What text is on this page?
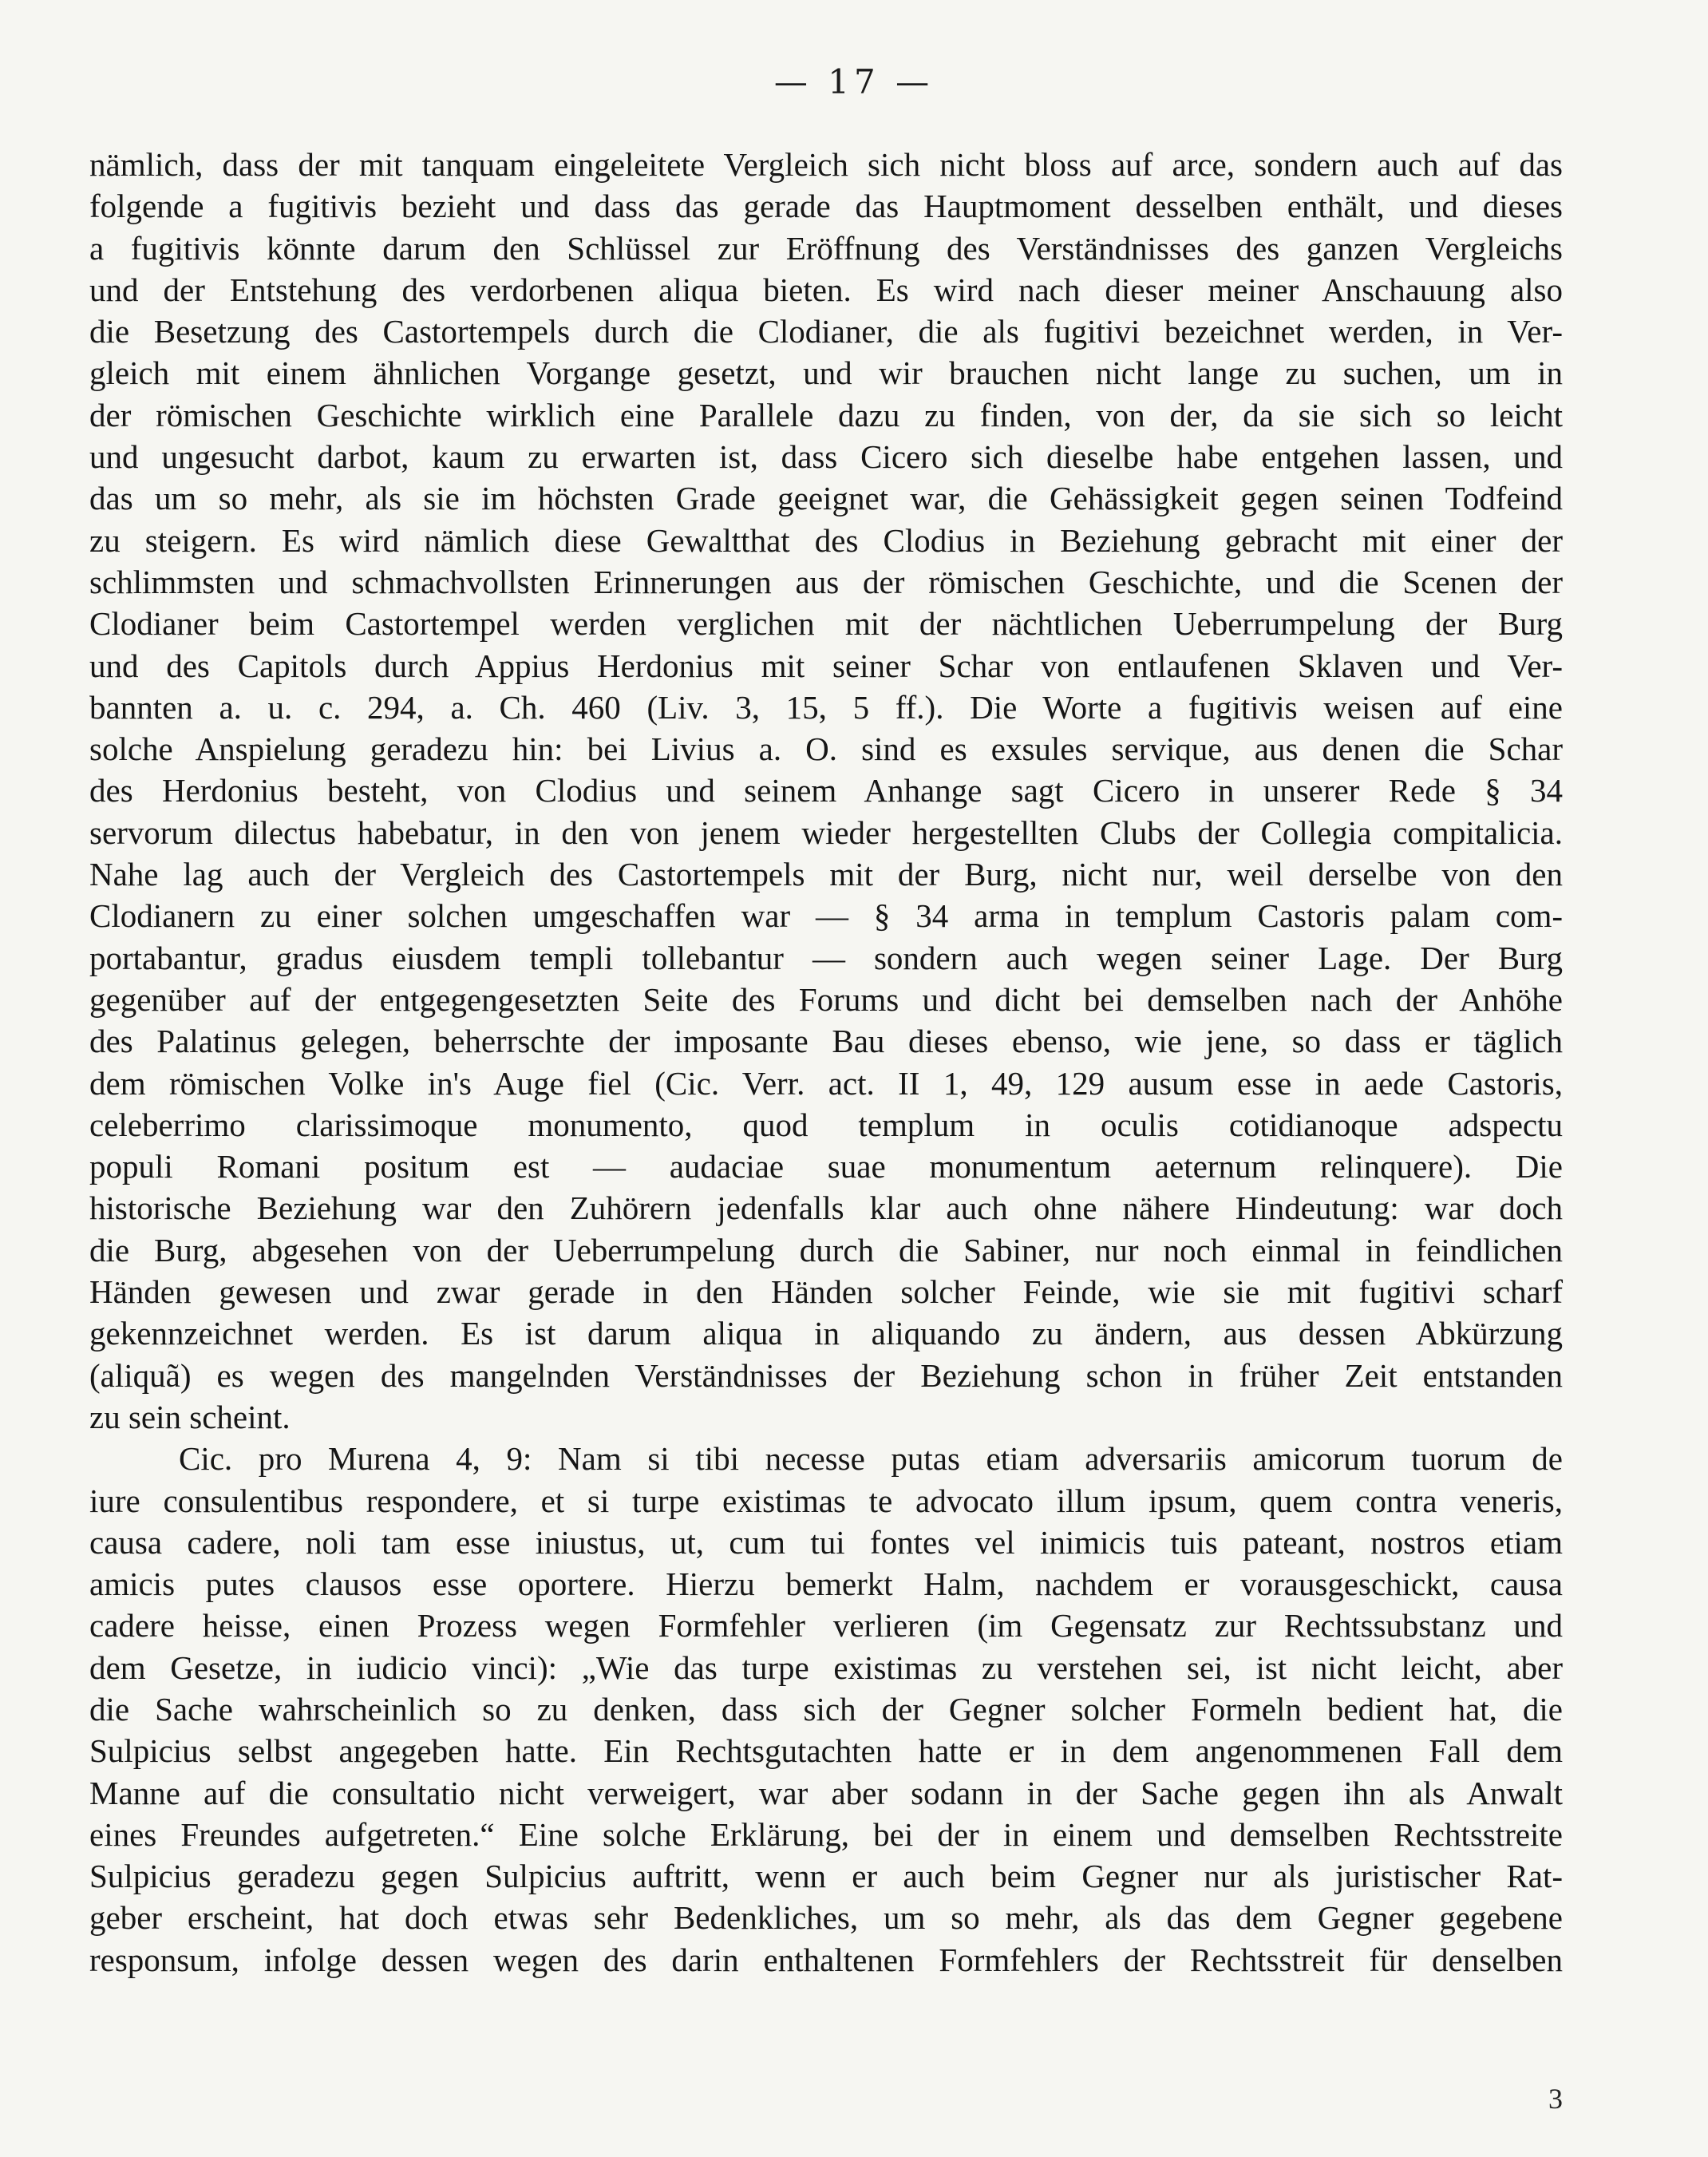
— 17 —
nämlich, dass der mit tanquam eingeleitete Vergleich sich nicht bloss auf arce, sondern auch auf das
folgende a fugitivis bezieht und dass das gerade das Hauptmoment desselben enthält, und dieses
a fugitivis könnte darum den Schlüssel zur Eröffnung des Verständnisses des ganzen Vergleichs
und der Entstehung des verdorbenen aliqua bieten. Es wird nach dieser meiner Anschauung also
die Besetzung des Castortempels durch die Clodianer, die als fugitivi bezeichnet werden, in Ver-
gleich mit einem ähnlichen Vorgange gesetzt, und wir brauchen nicht lange zu suchen, um in
der römischen Geschichte wirklich eine Parallele dazu zu finden, von der, da sie sich so leicht
und ungesucht darbot, kaum zu erwarten ist, dass Cicero sich dieselbe habe entgehen lassen, und
das um so mehr, als sie im höchsten Grade geeignet war, die Gehässigkeit gegen seinen Todfeind
zu steigern. Es wird nämlich diese Gewaltthat des Clodius in Beziehung gebracht mit einer der
schlimmsten und schmachvollsten Erinnerungen aus der römischen Geschichte, und die Scenen der
Clodianer beim Castortempel werden verglichen mit der nächtlichen Ueberrumpelung der Burg
und des Capitols durch Appius Herdonius mit seiner Schar von entlaufenen Sklaven und Ver-
bannten a. u. c. 294, a. Ch. 460 (Liv. 3, 15, 5 ff.). Die Worte a fugitivis weisen auf eine
solche Anspielung geradezu hin: bei Livius a. O. sind es exsules servique, aus denen die Schar
des Herdonius besteht, von Clodius und seinem Anhange sagt Cicero in unserer Rede § 34
servorum dilectus habebatur, in den von jenem wieder hergestellten Clubs der Collegia compitalicia.
Nahe lag auch der Vergleich des Castortempels mit der Burg, nicht nur, weil derselbe von den
Clodianern zu einer solchen umgeschaffen war — § 34 arma in templum Castoris palam com-
portabantur, gradus eiusdem templi tollebantur — sondern auch wegen seiner Lage. Der Burg
gegenüber auf der entgegengesetzten Seite des Forums und dicht bei demselben nach der Anhöhe
des Palatinus gelegen, beherrschte der imposante Bau dieses ebenso, wie jene, so dass er täglich
dem römischen Volke in's Auge fiel (Cic. Verr. act. II 1, 49, 129 ausum esse in aede Castoris,
celeberrimo clarissimoque monumento, quod templum in oculis cotidianoque adspectu
populi Romani positum est — audaciae suae monumentum aeternum relinquere). Die
historische Beziehung war den Zuhörern jedenfalls klar auch ohne nähere Hindeutung: war doch
die Burg, abgesehen von der Ueberrumpelung durch die Sabiner, nur noch einmal in feindlichen
Händen gewesen und zwar gerade in den Händen solcher Feinde, wie sie mit fugitivi scharf
gekennzeichnet werden. Es ist darum aliqua in aliquando zu ändern, aus dessen Abkürzung
(aliquã) es wegen des mangelnden Verständnisses der Beziehung schon in früher Zeit entstanden
zu sein scheint.
Cic. pro Murena 4, 9: Nam si tibi necesse putas etiam adversariis amicorum tuorum de
iure consulentibus respondere, et si turpe existimas te advocato illum ipsum, quem contra veneris,
causa cadere, noli tam esse iniustus, ut, cum tui fontes vel inimicis tuis pateant, nostros etiam
amicis putes clausos esse oportere. Hierzu bemerkt Halm, nachdem er vorausgeschickt, causa
cadere heisse, einen Prozess wegen Formfehler verlieren (im Gegensatz zur Rechtssubstanz und
dem Gesetze, in iudicio vinci): „Wie das turpe existimas zu verstehen sei, ist nicht leicht, aber
die Sache wahrscheinlich so zu denken, dass sich der Gegner solcher Formeln bedient hat, die
Sulpicius selbst angegeben hatte. Ein Rechtsgutachten hatte er in dem angenommenen Fall dem
Manne auf die consultatio nicht verweigert, war aber sodann in der Sache gegen ihn als Anwalt
eines Freundes aufgetreten.“ Eine solche Erklärung, bei der in einem und demselben Rechtsstreite
Sulpicius geradezu gegen Sulpicius auftritt, wenn er auch beim Gegner nur als juristischer Rat-
geber erscheint, hat doch etwas sehr Bedenkliches, um so mehr, als das dem Gegner gegebene
responsum, infolge dessen wegen des darin enthaltenen Formfehlers der Rechtsstreit für denselben
3
